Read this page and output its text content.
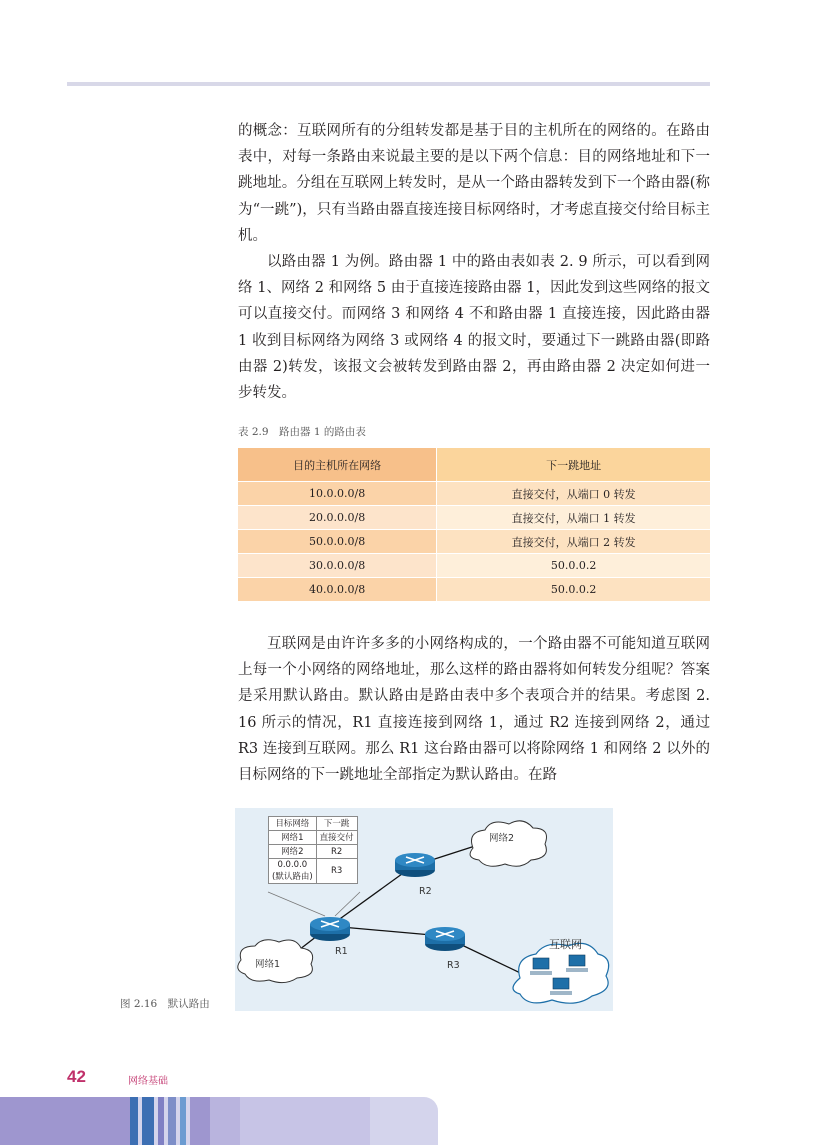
的概念：互联网所有的分组转发都是基于目的主机所在的网络的。在路由表中，对每一条路由来说最主要的是以下两个信息：目的网络地址和下一跳地址。分组在互联网上转发时，是从一个路由器转发到下一个路由器(称为“一跳”)，只有当路由器直接连接目标网络时，才考虑直接交付给目标主机。

以路由器 1 为例。路由器 1 中的路由表如表 2. 9 所示，可以看到网络 1、网络 2 和网络 5 由于直接连接路由器 1，因此发到这些网络的报文可以直接交付。而网络 3 和网络 4 不和路由器 1 直接连接，因此路由器 1 收到目标网络为网络 3 或网络 4 的报文时，要通过下一跳路由器(即路由器 2)转发，该报文会被转发到路由器 2，再由路由器 2 决定如何进一步转发。

表 2.9　路由器 1 的路由表
目的主机所在网络	下一跳地址
10.0.0.0/8	直接交付，从端口 0 转发
20.0.0.0/8	直接交付，从端口 1 转发
50.0.0.0/8	直接交付，从端口 2 转发
30.0.0.0/8	50.0.0.2
40.0.0.0/8	50.0.0.2

互联网是由许许多多的小网络构成的，一个路由器不可能知道互联网上每一个小网络的网络地址，那么这样的路由器将如何转发分组呢？答案是采用默认路由。默认路由是路由表中多个表项合并的结果。考虑图 2. 16 所示的情况，R1 直接连接到网络 1，通过 R2 连接到网络 2，通过 R3 连接到互联网。那么 R1 这台路由器可以将除网络 1 和网络 2 以外的目标网络的下一跳地址全部指定为默认路由。在路

目标网络	下一跳
网络1	直接交付
网络2	R2
0.0.0.0
(默认路由)	R3
R1
R2
R3
网络1
网络2
互联网
图 2.16　默认路由
42	网络基础
